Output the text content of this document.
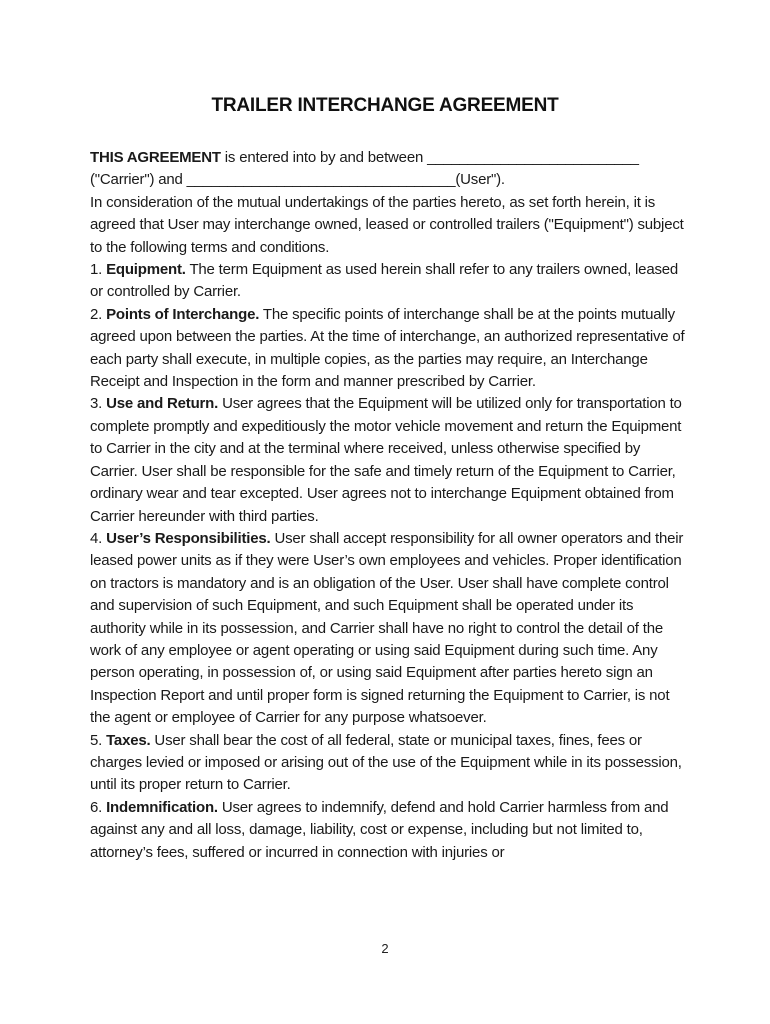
TRAILER INTERCHANGE AGREEMENT

THIS AGREEMENT is entered into by and between __________________________ ("Carrier") and _________________________________(User").

In consideration of the mutual undertakings of the parties hereto, as set forth herein, it is agreed that User may interchange owned, leased or controlled trailers ("Equipment") subject to the following terms and conditions.

1. Equipment. The term Equipment as used herein shall refer to any trailers owned, leased or controlled by Carrier.

2. Points of Interchange. The specific points of interchange shall be at the points mutually agreed upon between the parties. At the time of interchange, an authorized representative of each party shall execute, in multiple copies, as the parties may require, an Interchange Receipt and Inspection in the form and manner prescribed by Carrier.

3. Use and Return. User agrees that the Equipment will be utilized only for transportation to complete promptly and expeditiously the motor vehicle movement and return the Equipment to Carrier in the city and at the terminal where received, unless otherwise specified by Carrier. User shall be responsible for the safe and timely return of the Equipment to Carrier, ordinary wear and tear excepted. User agrees not to interchange Equipment obtained from Carrier hereunder with third parties.

4. User’s Responsibilities. User shall accept responsibility for all owner operators and their leased power units as if they were User’s own employees and vehicles. Proper identification on tractors is mandatory and is an obligation of the User. User shall have complete control and supervision of such Equipment, and such Equipment shall be operated under its authority while in its possession, and Carrier shall have no right to control the detail of the work of any employee or agent operating or using said Equipment during such time. Any person operating, in possession of, or using said Equipment after parties hereto sign an Inspection Report and until proper form is signed returning the Equipment to Carrier, is not the agent or employee of Carrier for any purpose whatsoever.

5. Taxes. User shall bear the cost of all federal, state or municipal taxes, fines, fees or charges levied or imposed or arising out of the use of the Equipment while in its possession, until its proper return to Carrier.

6. Indemnification. User agrees to indemnify, defend and hold Carrier harmless from and against any and all loss, damage, liability, cost or expense, including but not limited to, attorney’s fees, suffered or incurred in connection with injuries or

2
